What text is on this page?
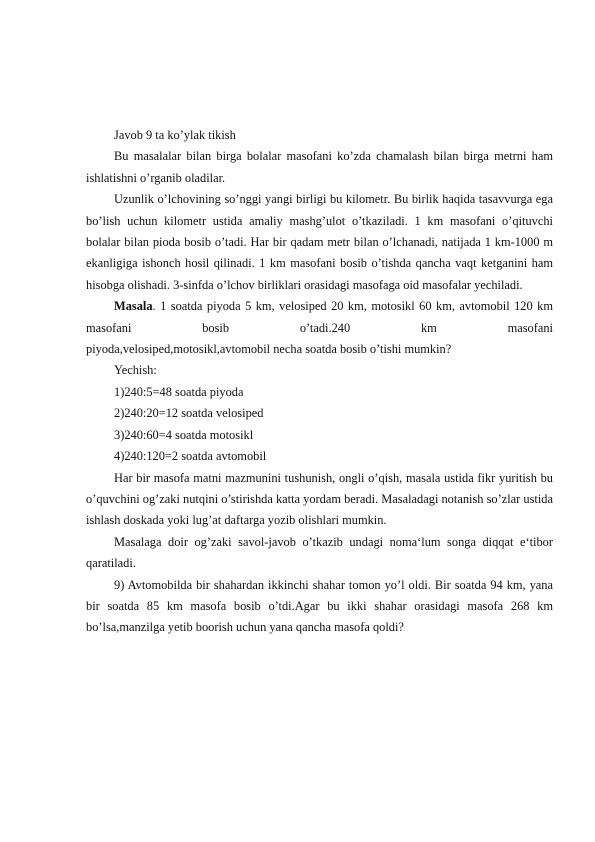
Javob 9 ta ko’ylak tikish

Bu masalalar bilan birga bolalar masofani ko’zda chamalash bilan birga metrni ham ishlatishni o’rganib oladilar.

Uzunlik o’lchovining so’nggi yangi birligi bu kilometr. Bu birlik haqida tasavvurga ega bo’lish uchun kilometr ustida amaliy mashg’ulot o’tkaziladi. 1 km masofani o’qituvchi bolalar bilan pioda bosib o’tadi. Har bir qadam metr bilan o’lchanadi, natijada 1 km-1000 m ekanligiga ishonch hosil qilinadi. 1 km masofani bosib o’tishda qancha vaqt ketganini ham hisobga olishadi. 3-sinfda o’lchov birliklari orasidagi masofaga oid masofalar yechiladi.

Masala. 1 soatda piyoda 5 km, velosiped 20 km, motosikl 60 km, avtomobil 120 km masofani bosib o’tadi.240 km masofani
piyoda,velosiped,motosikl,avtomobil necha soatda bosib o’tishi mumkin?

Yechish:

1)240:5=48 soatda piyoda

2)240:20=12 soatda velosiped

3)240:60=4 soatda motosikl

4)240:120=2 soatda avtomobil

Har bir masofa matni mazmunini tushunish, ongli o’qish, masala ustida fikr yuritish bu o’quvchini og’zaki nutqini o’stirishda katta yordam beradi. Masaladagi notanish so’zlar ustida ishlash doskada yoki lug’at daftarga yozib olishlari mumkin.

Masalaga doir og’zaki savol-javob o’tkazib undagi noma‘lum songa diqqat e‘tibor qaratiladi.

9) Avtomobilda bir shahardan ikkinchi shahar tomon yo’l oldi. Bir soatda 94 km, yana bir soatda 85 km masofa bosib o’tdi.Agar bu ikki shahar orasidagi masofa 268 km bo’lsa,manzilga yetib boorish uchun yana qancha masofa qoldi?
